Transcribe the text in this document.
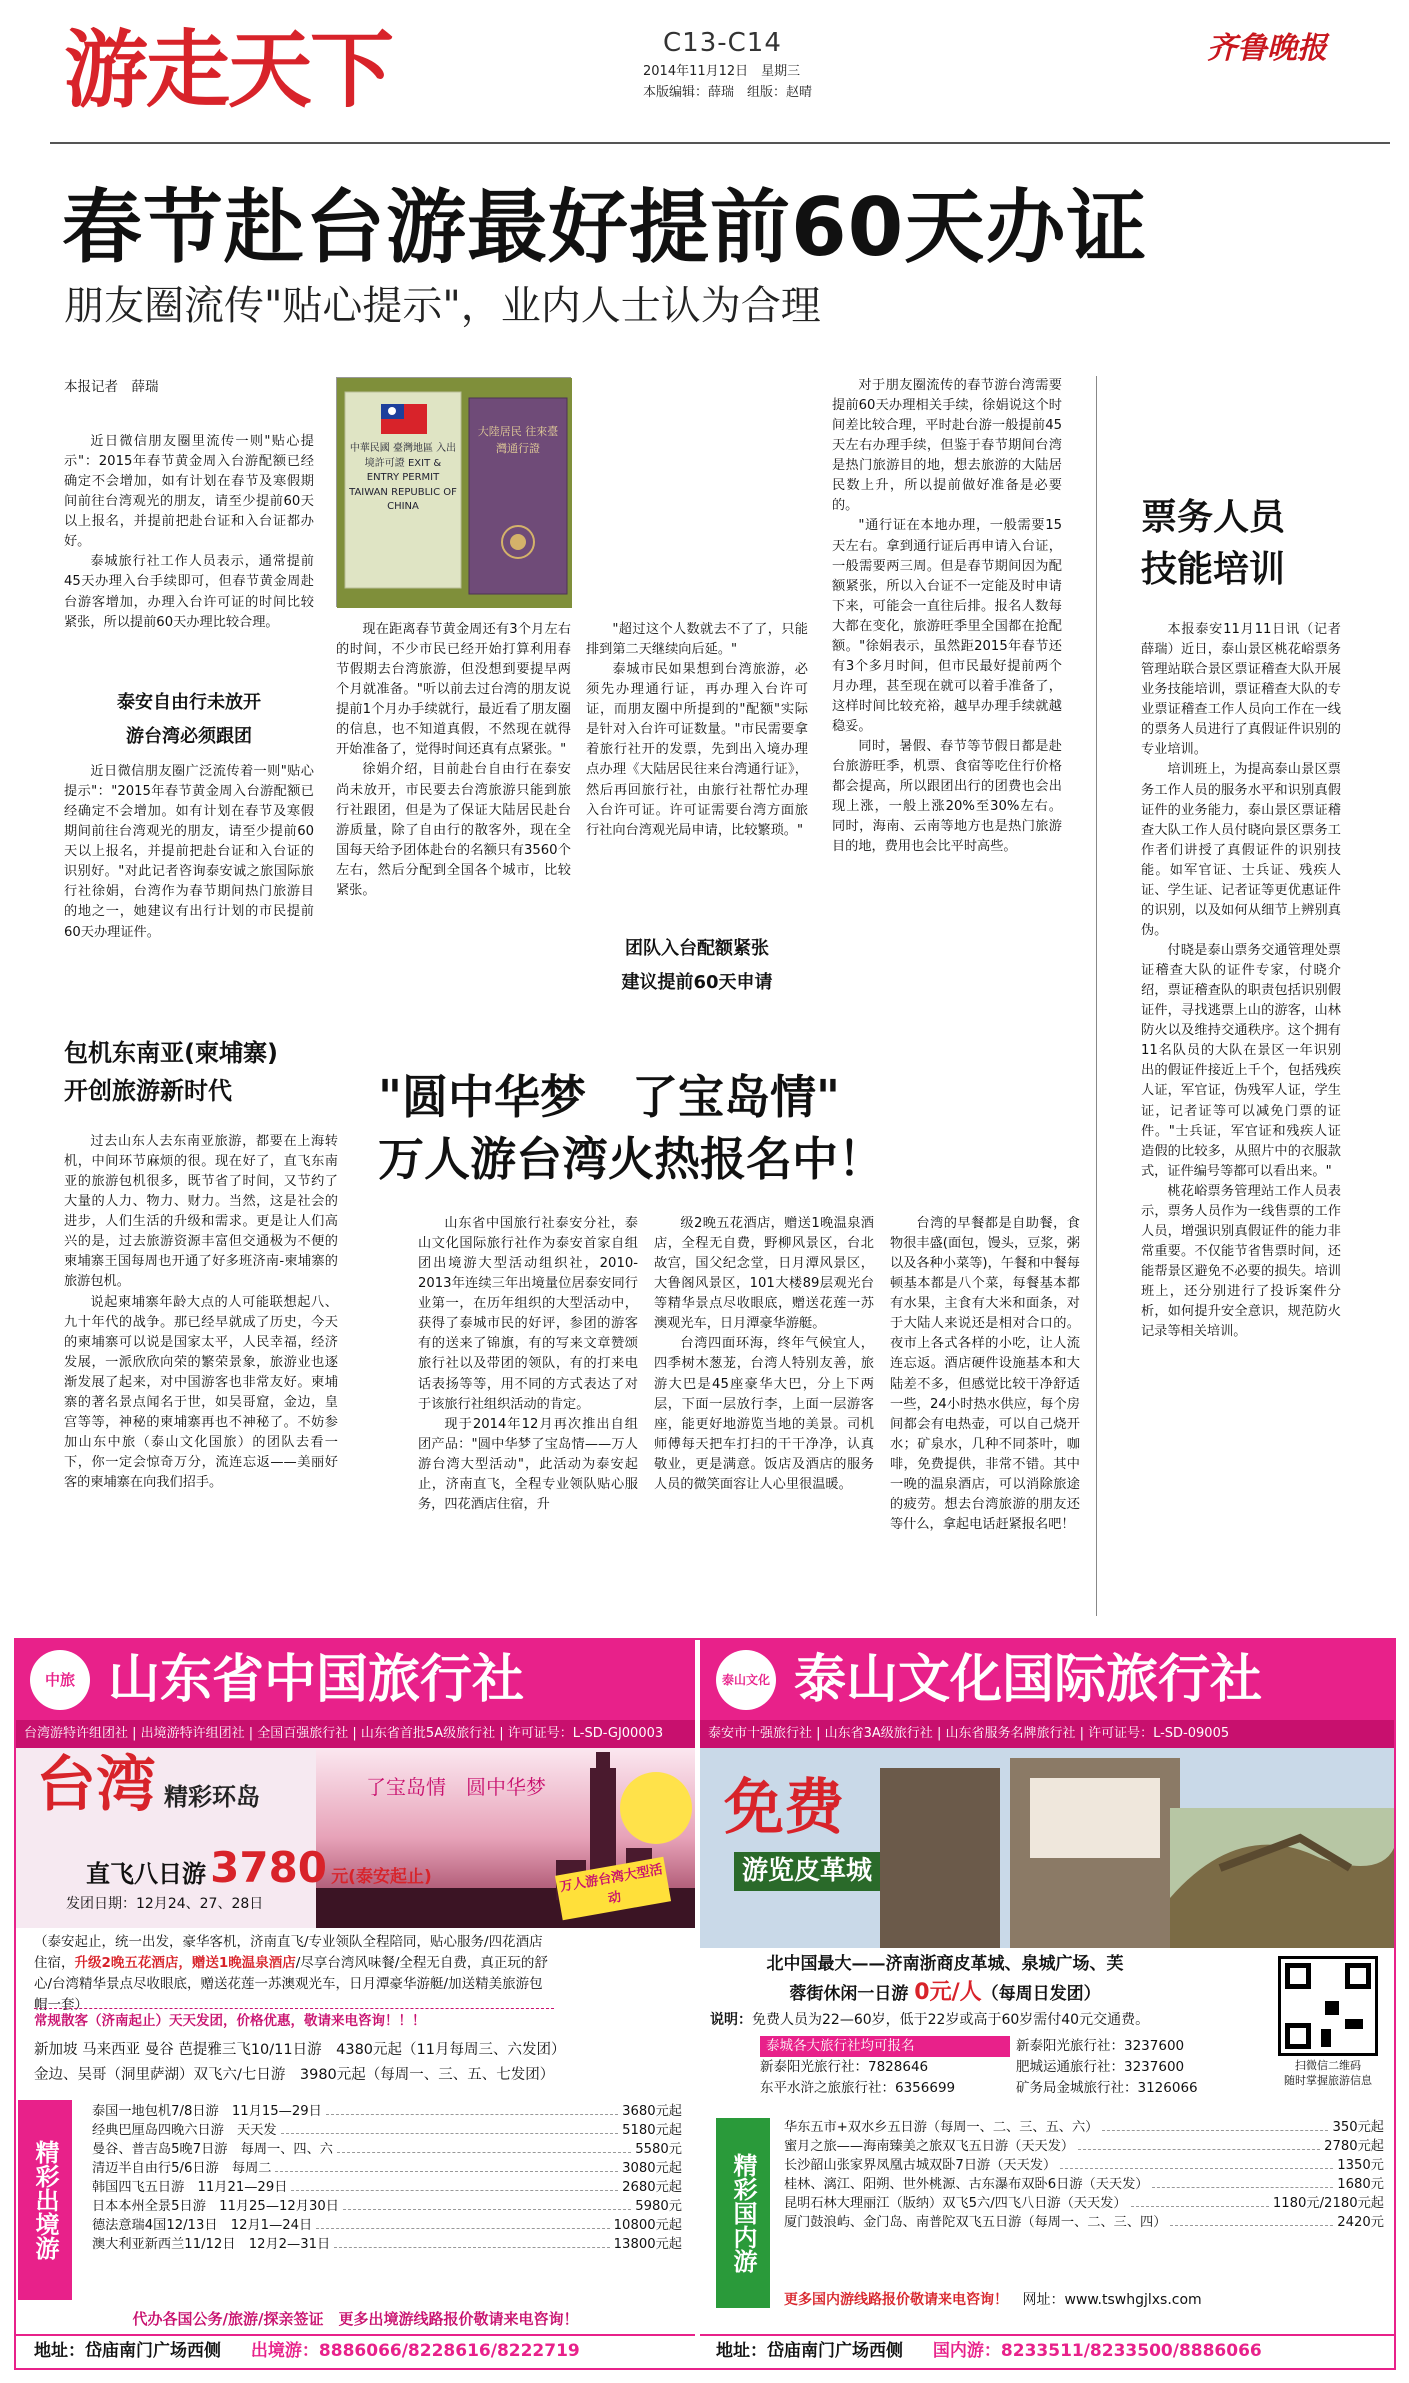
游走天下	C13-C14
2014年11月12日　星期三
本版编辑：薛瑞　组版：赵晴
齐鲁晚报
春节赴台游最好提前60天办证
朋友圈流传"贴心提示"，业内人士认为合理
本报记者　薛瑞

近日微信朋友圈里流传一则"贴心提示"：2015年春节黄金周入台游配额已经确定不会增加，如有计划在春节及寒假期间前往台湾观光的朋友，请至少提前60天以上报名，并提前把赴台证和入台证都办好。

泰城旅行社工作人员表示，通常提前45天办理入台手续即可，但春节黄金周赴台游客增加，办理入台许可证的时间比较紧张，所以提前60天办理比较合理。

泰安自由行未放开
游台湾必须跟团

近日微信朋友圈广泛流传着一则"贴心提示"："2015年春节黄金周入台游配额已经确定不会增加。如有计划在春节及寒假期间前往台湾观光的朋友，请至少提前60天以上报名，并提前把赴台证和入台证的识别好。"对此记者咨询泰安诚之旅国际旅行社徐娟，台湾作为春节期间热门旅游目的地之一，她建议有出行计划的市民提前60天办理证件。

中華民國 臺灣地區 入出境許可證 EXIT & ENTRY PERMIT TAIWAN REPUBLIC OF CHINA
大陸居民 往來臺灣通行證

现在距离春节黄金周还有3个月左右的时间，不少市民已经开始打算利用春节假期去台湾旅游，但没想到要提早两个月就准备。"听以前去过台湾的朋友说提前1个月办手续就行，最近看了朋友圈的信息，也不知道真假，不然现在就得开始准备了，觉得时间还真有点紧张。"

徐娟介绍，目前赴台自由行在泰安尚未放开，市民要去台湾旅游只能到旅行社跟团，但是为了保证大陆居民赴台游质量，除了自由行的散客外，现在全国每天给予团体赴台的名额只有3560个左右，然后分配到全国各个城市，比较紧张。

"超过这个人数就去不了了，只能排到第二天继续向后延。"

泰城市民如果想到台湾旅游，必须先办理通行证，再办理入台许可证，而朋友圈中所提到的"配额"实际是针对入台许可证数量。"市民需要拿着旅行社开的发票，先到出入境办理点办理《大陆居民往来台湾通行证》，然后再回旅行社，由旅行社帮忙办理入台许可证。许可证需要台湾方面旅行社向台湾观光局申请，比较繁琐。"

团队入台配额紧张
建议提前60天申请

对于朋友圈流传的春节游台湾需要提前60天办理相关手续，徐娟说这个时间差比较合理，平时赴台游一般提前45天左右办理手续，但鉴于春节期间台湾是热门旅游目的地，想去旅游的大陆居民数上升，所以提前做好准备是必要的。

"通行证在本地办理，一般需要15天左右。拿到通行证后再申请入台证，一般需要两三周。但是春节期间因为配额紧张，所以入台证不一定能及时申请下来，可能会一直往后排。报名人数每大都在变化，旅游旺季里全国都在抢配额。"徐娟表示，虽然距2015年春节还有3个多月时间，但市民最好提前两个月办理，甚至现在就可以着手准备了，这样时间比较充裕，越早办理手续就越稳妥。

同时，暑假、春节等节假日都是赴台旅游旺季，机票、食宿等吃住行价格都会提高，所以跟团出行的团费也会出现上涨，一般上涨20%至30%左右。同时，海南、云南等地方也是热门旅游目的地，费用也会比平时高些。

票务人员
技能培训

本报泰安11月11日讯（记者　薛瑞）近日，泰山景区桃花峪票务管理站联合景区票证稽查大队开展业务技能培训，票证稽查大队的专业票证稽查工作人员向工作在一线的票务人员进行了真假证件识别的专业培训。

培训班上，为提高泰山景区票务工作人员的服务水平和识别真假证件的业务能力，泰山景区票证稽查大队工作人员付晓向景区票务工作者们讲授了真假证件的识别技能。如军官证、士兵证、残疾人证、学生证、记者证等更优惠证件的识别，以及如何从细节上辨别真伪。

付晓是泰山票务交通管理处票证稽查大队的证件专家，付晓介绍，票证稽查队的职责包括识别假证件，寻找逃票上山的游客，山林防火以及维持交通秩序。这个拥有11名队员的大队在景区一年识别出的假证件接近上千个，包括残疾人证，军官证，伪残军人证，学生证，记者证等可以减免门票的证件。"士兵证，军官证和残疾人证造假的比较多，从照片中的衣服款式，证件编号等都可以看出来。"

桃花峪票务管理站工作人员表示，票务人员作为一线售票的工作人员，增强识别真假证件的能力非常重要。不仅能节省售票时间，还能帮景区避免不必要的损失。培训班上，还分别进行了投诉案件分析，如何提升安全意识，规范防火记录等相关培训。

包机东南亚(柬埔寨)
开创旅游新时代

过去山东人去东南亚旅游，都要在上海转机，中间环节麻烦的很。现在好了，直飞东南亚的旅游包机很多，既节省了时间，又节约了大量的人力、物力、财力。当然，这是社会的进步，人们生活的升级和需求。更是让人们高兴的是，过去旅游资源丰富但交通极为不便的柬埔寨王国每周也开通了好多班济南-柬埔寨的旅游包机。

说起柬埔寨年龄大点的人可能联想起八、九十年代的战争。那已经早就成了历史，今天的柬埔寨可以说是国家太平，人民幸福，经济发展，一派欣欣向荣的繁荣景象，旅游业也逐渐发展了起来，对中国游客也非常友好。柬埔寨的著名景点闻名于世，如吴哥窟，金边，皇宫等等，神秘的柬埔寨再也不神秘了。不妨参加山东中旅（泰山文化国旅）的团队去看一下，你一定会惊奇万分，流连忘返——美丽好客的柬埔寨在向我们招手。

"圆中华梦　了宝岛情"
万人游台湾火热报名中！

山东省中国旅行社泰安分社，泰山文化国际旅行社作为泰安首家自组团出境游大型活动组织社，2010-2013年连续三年出境量位居泰安同行业第一，在历年组织的大型活动中，获得了泰城市民的好评，参团的游客有的送来了锦旗，有的写来文章赞颂旅行社以及带团的领队，有的打来电话表扬等等，用不同的方式表达了对于该旅行社组织活动的肯定。

现于2014年12月再次推出自组团产品："圆中华梦了宝岛情——万人游台湾大型活动"，此活动为泰安起止，济南直飞，全程专业领队贴心服务，四花酒店住宿，升

级2晚五花酒店，赠送1晚温泉酒店，全程无自费，野柳风景区，台北故宫，国父纪念堂，日月潭风景区，大鲁阁风景区，101大楼89层观光台等精华景点尽收眼底，赠送花莲一苏澳观光车，日月潭豪华游艇。

台湾四面环海，终年气候宜人，四季树木葱茏，台湾人特别友善，旅游大巴是45座豪华大巴，分上下两层，下面一层放行李，上面一层游客座，能更好地游览当地的美景。司机师傅每天把车打扫的干干净净，认真敬业，更是满意。饭店及酒店的服务人员的微笑面容让人心里很温暖。

台湾的早餐都是自助餐，食物很丰盛(面包，馒头，豆浆，粥以及各种小菜等)，午餐和中餐每顿基本都是八个菜，每餐基本都有水果，主食有大米和面条，对于大陆人来说还是相对合口的。夜市上各式各样的小吃，让人流连忘返。酒店硬件设施基本和大陆差不多，但感觉比较干净舒适一些，24小时热水供应，每个房间都会有电热壶，可以自己烧开水；矿泉水，几种不同茶叶，咖啡，免费提供，非常不错。其中一晚的温泉酒店，可以消除旅途的疲劳。想去台湾旅游的朋友还等什么，拿起电话赶紧报名吧！

中旅 山东省中国旅行社
台湾游特许组团社 | 出境游特许组团社 | 全国百强旅行社 | 山东省首批5A级旅行社 | 许可证号：L-SD-GJ00003
台湾 精彩环岛	了宝岛情　圆中华梦
直飞八日游 3780 元(泰安起止)	万人游台湾大型活动
发团日期：12月24、27、28日
（泰安起止，统一出发，豪华客机，济南直飞/专业领队全程陪同，贴心服务/四花酒店住宿，升级2晚五花酒店，赠送1晚温泉酒店/尽享台湾风味餐/全程无自费，真正玩的舒心/台湾精华景点尽收眼底，赠送花莲一苏澳观光车，日月潭豪华游艇/加送精美旅游包帽一套）
常规散客（济南起止）天天发团，价格优惠，敬请来电咨询！！！
新加坡 马来西亚 曼谷 芭提雅三飞10/11日游　4380元起（11月每周三、六发团）
金边、吴哥（洞里萨湖）双飞六/七日游　3980元起（每周一、三、五、七发团）
精彩出境游
泰国一地包机7/8日游　11月15—29日	3680元起
经典巴厘岛四晚六日游　天天发	5180元起
曼谷、普吉岛5晚7日游　每周一、四、六	5580元
清迈半自由行5/6日游　每周二	3080元起
韩国四飞五日游　11月21—29日	2680元起
日本本州全景5日游　11月25—12月30日	5980元
德法意瑞4国12/13日　12月1—24日	10800元起
澳大利亚新西兰11/12日　12月2—31日	13800元起
代办各国公务/旅游/探亲签证　更多出境游线路报价敬请来电咨询！
地址：岱庙南门广场西侧 出境游：8886066/8228616/8222719
泰山文化 泰山文化国际旅行社
泰安市十强旅行社 | 山东省3A级旅行社 | 山东省服务名牌旅行社 | 许可证号：L-SD-09005
免费
游览皮革城
北中国最大——济南浙商皮革城、泉城广场、芙
蓉街休闲一日游 0元/人（每周日发团）
说明：免费人员为22—60岁，低于22岁或高于60岁需付40元交通费。
扫微信二维码
随时掌握旅游信息
泰城各大旅行社均可报名
新泰阳光旅行社：7828646
东平水浒之旅旅行社：6356699
新泰阳光旅行社：3237600
肥城运通旅行社：3237600
矿务局金城旅行社：3126066
精彩国内游
华东五市+双水乡五日游（每周一、二、三、五、六）	350元起
蜜月之旅——海南臻美之旅双飞五日游（天天发）	2780元起
长沙韶山张家界凤凰古城双卧7日游（天天发）	1350元
桂林、漓江、阳朔、世外桃源、古东瀑布双卧6日游（天天发）	1680元
昆明石林大理丽江（版纳）双飞5六/四飞八日游（天天发）	1180元/2180元起
厦门鼓浪屿、金门岛、南普陀双飞五日游（每周一、二、三、四）	2420元
更多国内游线路报价敬请来电咨询！ 网址：www.tswhgjlxs.com
地址：岱庙南门广场西侧 国内游：8233511/8233500/8886066
